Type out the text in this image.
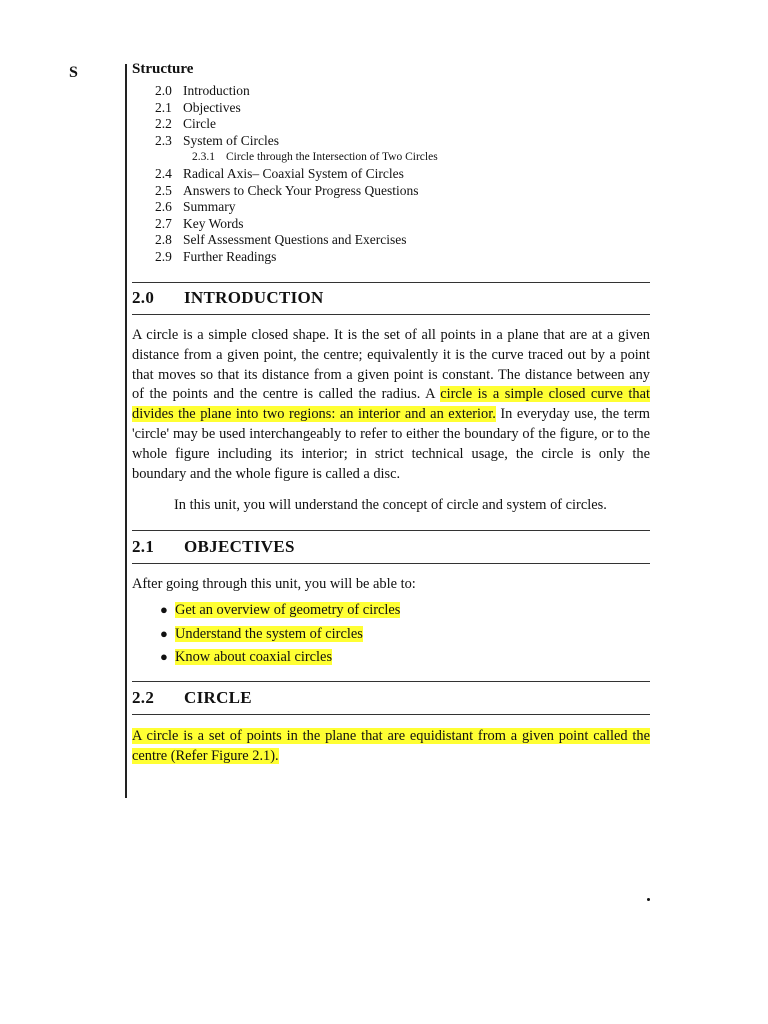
S	Structure
2.0 Introduction
2.1 Objectives
2.2 Circle
2.3 System of Circles
2.3.1 Circle through the Intersection of Two Circles
2.4 Radical Axis– Coaxial System of Circles
2.5 Answers to Check Your Progress Questions
2.6 Summary
2.7 Key Words
2.8 Self Assessment Questions and Exercises
2.9 Further Readings
2.0 INTRODUCTION
A circle is a simple closed shape. It is the set of all points in a plane that are at a given distance from a given point, the centre; equivalently it is the curve traced out by a point that moves so that its distance from a given point is constant. The distance between any of the points and the centre is called the radius. A circle is a simple closed curve that divides the plane into two regions: an interior and an exterior. In everyday use, the term 'circle' may be used interchangeably to refer to either the boundary of the figure, or to the whole figure including its interior; in strict technical usage, the circle is only the boundary and the whole figure is called a disc.
In this unit, you will understand the concept of circle and system of circles.
2.1 OBJECTIVES
After going through this unit, you will be able to:
● Get an overview of geometry of circles
● Understand the system of circles
● Know about coaxial circles
2.2 CIRCLE
A circle is a set of points in the plane that are equidistant from a given point called the centre (Refer Figure 2.1).
